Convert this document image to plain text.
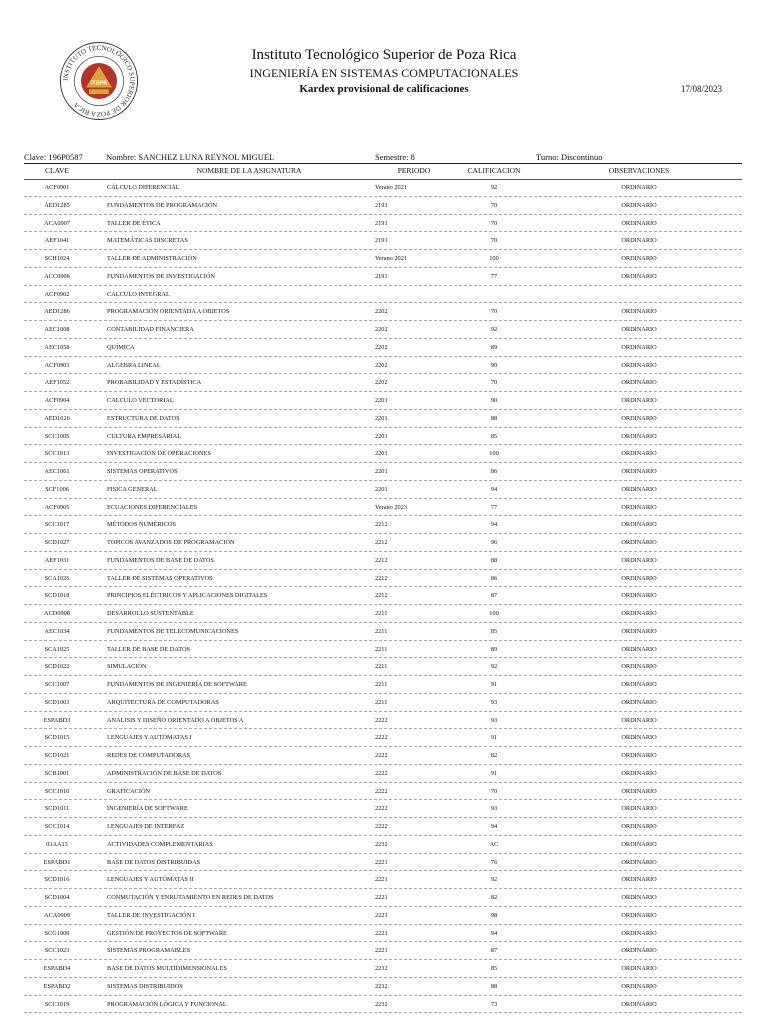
INSTITUTO TECNOLÓGICO SUPERIOR DE POZA RICA
ITSPR
Instituto Tecnológico Superior de Poza Rica
INGENIERÍA EN SISTEMAS COMPUTACIONALES
Kardex provisional de calificaciones	17/08/2023
Clave: 196P0587	Nombre: SANCHEZ LUNA REYNOL MIGUEL	Semestre: 8	Turno: Discontinuo
CLAVE	NOMBRE DE LA ASIGNATURA	PERIODO	CALIFICACION	OBSERVACIONES
ACF0901	CÁLCULO DIFERENCIAL	Verano 2021	92	ORDINARIO
AED1285	FUNDAMENTOS DE PROGRAMACIÓN	2191	70	ORDINARIO
ACA0907	TALLER DE ÉTICA	2191	70	ORDINARIO
AEF1041	MATEMÁTICAS DISCRETAS	2191	70	ORDINARIO
SCH1024	TALLER DE ADMINISTRACIÓN	Verano 2021	100	ORDINARIO
ACC0906	FUNDAMENTOS DE INVESTIGACIÓN	2191	77	ORDINARIO
ACF0902	CÁLCULO INTEGRAL
AED1286	PROGRAMACIÓN ORIENTADA A OBJETOS	2202	70	ORDINARIO
AEC1008	CONTABILIDAD FINANCIERA	2202	92	ORDINARIO
AEC1058	QUÍMICA	2202	89	ORDINARIO
ACF0903	ALGEBRA LINEAL	2202	90	ORDINARIO
AEF1052	PROBABILIDAD Y ESTADÍSTICA	2202	70	ORDINARIO
ACF0904	CALCULO VECTORIAL	2201	90	ORDINARIO
AED1026	ESTRUCTURA DE DATOS	2201	88	ORDINARIO
SCC1005	CULTURA EMPRESARIAL	2201	85	ORDINARIO
SCC1013	INVESTIGACIÓN DE OPERACIONES	2201	100	ORDINARIO
AEC1061	SISTEMAS OPERATIVOS	2201	86	ORDINARIO
SCF1006	FISICA GENERAL	2201	94	ORDINARIO
ACF0905	ECUACIONES DIFERENCIALES	Verano 2023	77	ORDINARIO
SCC1017	MÉTODOS NUMÉRICOS	2212	94	ORDINARIO
SCD1027	TOPICOS AVANZADOS DE PROGRAMACIÓN	2212	96	ORDINARIO
AEF1031	FUNDAMENTOS DE BASE DE DATOS	2212	88	ORDINARIO
SCA1026	TALLER DE SISTEMAS OPERATIVOS	2212	86	ORDINARIO
SCD1018	PRINCIPIOS ELÉCTRICOS Y APLICACIONES DIGITALES	2212	87	ORDINARIO
ACD0908	DESARROLLO SUSTENTABLE	2211	100	ORDINARIO
AEC1034	FUNDAMENTOS DE TELECOMUNICACIONES	2211	85	ORDINARIO
SCA1025	TALLER DE BASE DE DATOS	2211	89	ORDINARIO
SCD1022	SIMULACIÓN	2211	92	ORDINARIO
SCC1007	FUNDAMENTOS DE INGENIERÍA DE SOFTWARE	2211	91	ORDINARIO
SCD1003	ARQUITECTURA DE COMPUTADORAS	2211	93	ORDINARIO
ESPABD3	ANALISIS Y DISEÑO ORIENTADO A OBJETOS A	2222	93	ORDINARIO
SCD1015	LENGUAJES Y AUTÓMATAS I	2222	91	ORDINARIO
SCD1021	REDES DE COMPUTADORAS	2222	82	ORDINARIO
SCB1001	ADMINISTRACIÓN DE BASE DE DATOS	2222	91	ORDINARIO
SCC1010	GRAFICACIÓN	2222	70	ORDINARIO
SCD1011	INGENIERÍA DE SOFTWARE	2222	93	ORDINARIO
SCC1014	LENGUAJES DE INTERFAZ	2222	94	ORDINARIO
03AA13	ACTIVIDADES COMPLEMENTARIAS	2232	AC	ORDINARIO
ESPABD1	BASE DE DATOS DISTRIBUIDAS	2221	76	ORDINARIO
SCD1016	LENGUAJES Y AUTÓMATAS II	2221	92	ORDINARIO
SCD1004	CONMUTACIÓN Y ENRUTAMIENTO EN REDES DE DATOS	2221	82	ORDINARIO
ACA0909	TALLER DE INVESTIGACIÓN I	2221	98	ORDINARIO
SCG1009	GESTIÓN DE PROYECTOS DE SOFTWARE	2221	94	ORDINARIO
SCC1023	SISTEMAS PROGRAMABLES	2221	87	ORDINARIO
ESPABD4	BASE DE DATOS MULTIDIMENSIONALES	2232	85	ORDINARIO
ESPABD2	SISTEMAS DISTRIBUIDOS	2232	88	ORDINARIO
SCC1019	PROGRAMACIÓN LÓGICA Y FUNCIONAL	2232	73	ORDINARIO
